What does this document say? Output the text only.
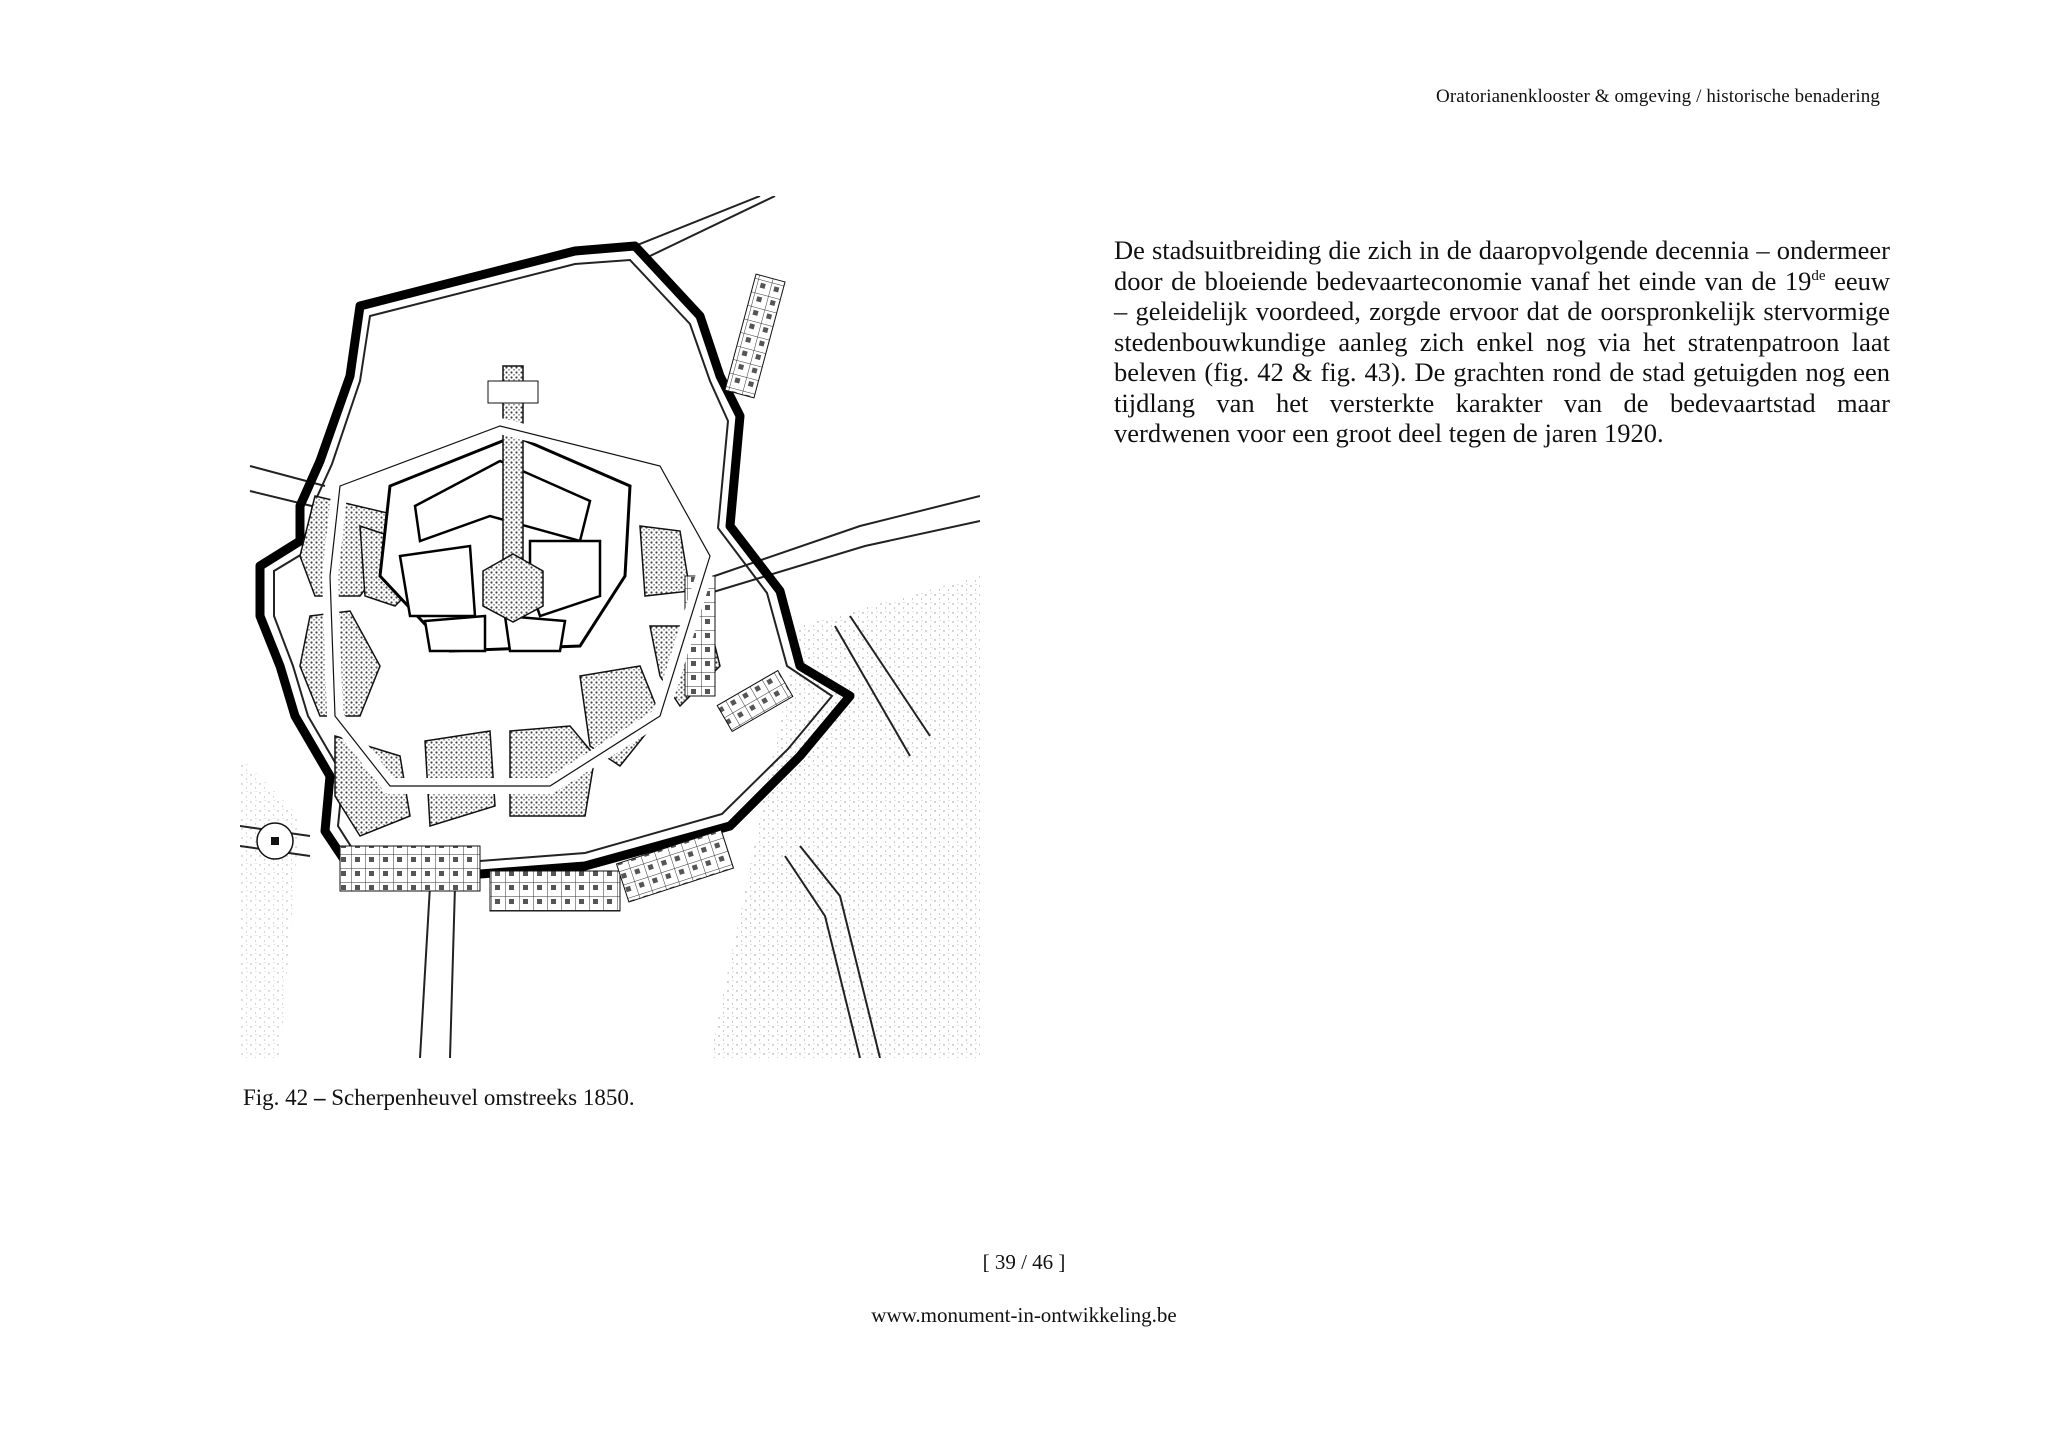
Oratorianenklooster & omgeving / historische benadering
Fig. 42 – Scherpenheuvel omstreeks 1850.
De stadsuitbreiding die zich in de daaropvolgende decennia – ondermeer door de bloeiende bedevaarteconomie vanaf het einde van de 19de eeuw – geleidelijk voordeed, zorgde ervoor dat de oorspronkelijk stervormige stedenbouwkundige aanleg zich enkel nog via het stratenpatroon laat beleven (fig. 42 & fig. 43). De grachten rond de stad getuigden nog een tijdlang van het versterkte karakter van de bedevaartstad maar verdwenen voor een groot deel tegen de jaren 1920.
[ 39 / 46 ]
www.monument-in-ontwikkeling.be
